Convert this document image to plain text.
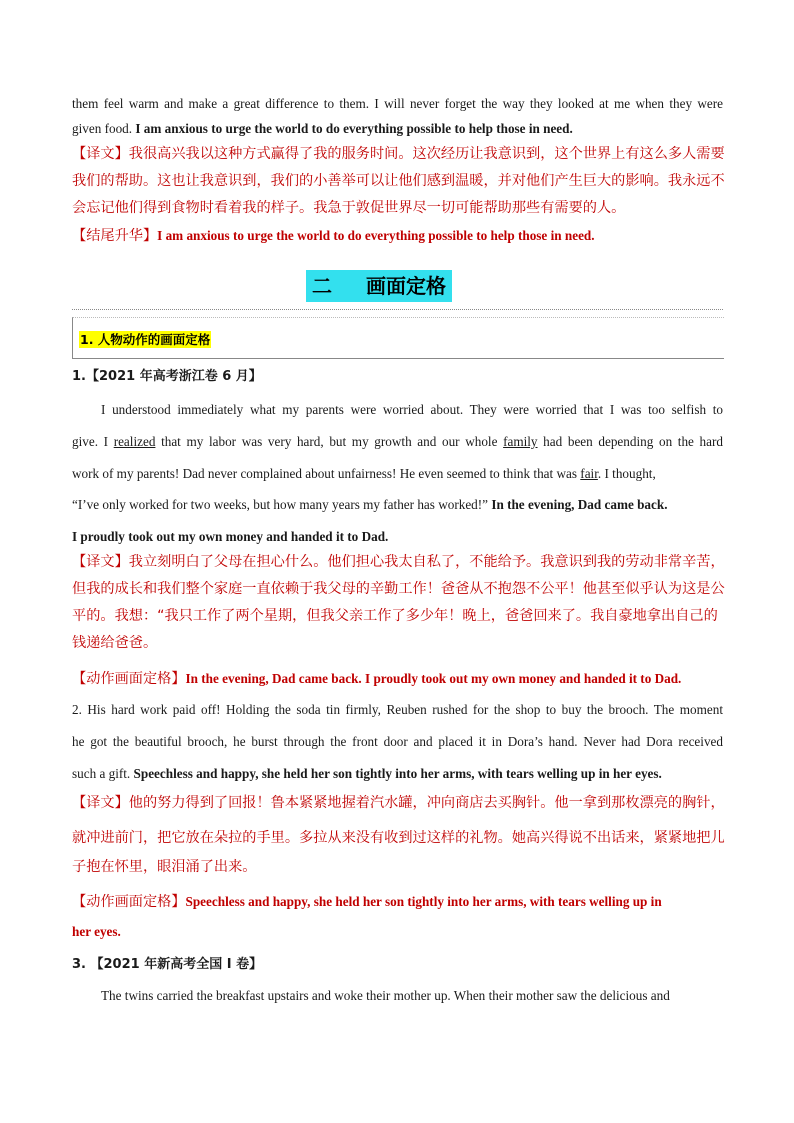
them feel warm and make a great difference to them. I will never forget the way they looked at me when they were
given food. I am anxious to urge the world to do everything possible to help those in need.
【译文】我很高兴我以这种方式赢得了我的服务时间。这次经历让我意识到，这个世界上有这么多人需要
我们的帮助。这也让我意识到，我们的小善举可以让他们感到温暖，并对他们产生巨大的影响。我永远不
会忘记他们得到食物时看着我的样子。我急于敦促世界尽一切可能帮助那些有需要的人。
【结尾升华】I am anxious to urge the world to do everything possible to help those in need.
二 画面定格
1. 人物动作的画面定格
1.【2021 年高考浙江卷 6 月】
I understood immediately what my parents were worried about. They were worried that I was too selfish to
give. I realized that my labor was very hard, but my growth and our whole family had been depending on the hard
work of my parents! Dad never complained about unfairness! He even seemed to think that was fair. I thought,
“I’ve only worked for two weeks, but how many years my father has worked!” In the evening, Dad came back.
I proudly took out my own money and handed it to Dad.
【译文】我立刻明白了父母在担心什么。他们担心我太自私了，不能给予。我意识到我的劳动非常辛苦，
但我的成长和我们整个家庭一直依赖于我父母的辛勤工作！爸爸从不抱怨不公平！他甚至似乎认为这是公
平的。我想：“我只工作了两个星期，但我父亲工作了多少年！晚上，爸爸回来了。我自豪地拿出自己的
钱递给爸爸。
【动作画面定格】In the evening, Dad came back. I proudly took out my own money and handed it to Dad.
2. His hard work paid off! Holding the soda tin firmly, Reuben rushed for the shop to buy the brooch. The moment
he got the beautiful brooch, he burst through the front door and placed it in Dora’s hand. Never had Dora received
such a gift. Speechless and happy, she held her son tightly into her arms, with tears welling up in her eyes.
【译文】他的努力得到了回报！鲁本紧紧地握着汽水罐，冲向商店去买胸针。他一拿到那枚漂亮的胸针，
就冲进前门，把它放在朵拉的手里。多拉从来没有收到过这样的礼物。她高兴得说不出话来，紧紧地把儿
子抱在怀里，眼泪涌了出来。
【动作画面定格】Speechless and happy, she held her son tightly into her arms, with tears welling up in
her eyes.
3. 【2021 年新高考全国 I 卷】
The twins carried the breakfast upstairs and woke their mother up. When their mother saw the delicious and
